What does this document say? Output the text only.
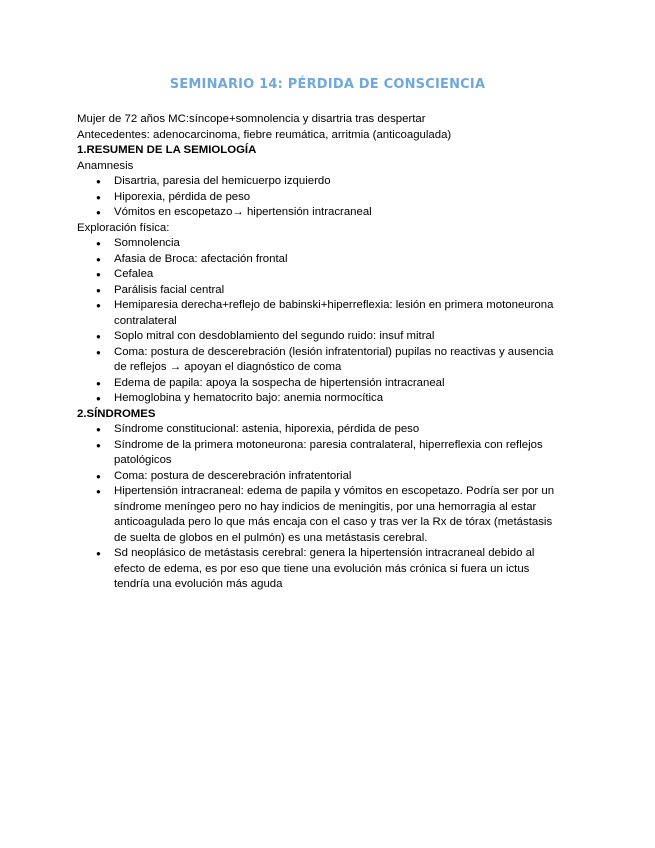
SEMINARIO 14: PÉRDIDA DE CONSCIENCIA

Mujer de 72 años MC:síncope+somnolencia y disartria tras despertar

Antecedentes: adenocarcinoma, fiebre reumática, arritmia (anticoagulada)

1.RESUMEN DE LA SEMIOLOGÍA

Anamnesis

● Disartria, paresia del hemicuerpo izquierdo
● Hiporexia, pérdida de peso
● Vómitos en escopetazo→ hipertensión intracraneal

Exploración física:

● Somnolencia
● Afasia de Broca: afectación frontal
● Cefalea
● Parálisis facial central
● Hemiparesia derecha+reflejo de babinski+hiperreflexia: lesión en primera motoneurona
contralateral
● Soplo mitral con desdoblamiento del segundo ruido: insuf mitral
● Coma: postura de descerebración (lesión infratentorial) pupilas no reactivas y ausencia
de reflejos → apoyan el diagnóstico de coma
● Edema de papila: apoya la sospecha de hipertensión intracraneal
● Hemoglobina y hematocrito bajo: anemia normocítica

2.SÍNDROMES

● Síndrome constitucional: astenia, hiporexia, pérdida de peso
● Síndrome de la primera motoneurona: paresia contralateral, hiperreflexia con reflejos
patológicos
● Coma: postura de descerebración infratentorial
● Hipertensión intracraneal: edema de papila y vómitos en escopetazo. Podría ser por un
síndrome meníngeo pero no hay indicios de meningitis, por una hemorragia al estar
anticoagulada pero lo que más encaja con el caso y tras ver la Rx de tórax (metástasis
de suelta de globos en el pulmón) es una metástasis cerebral.
● Sd neoplásico de metástasis cerebral: genera la hipertensión intracraneal debido al
efecto de edema, es por eso que tiene una evolución más crónica si fuera un ictus
tendría una evolución más aguda
